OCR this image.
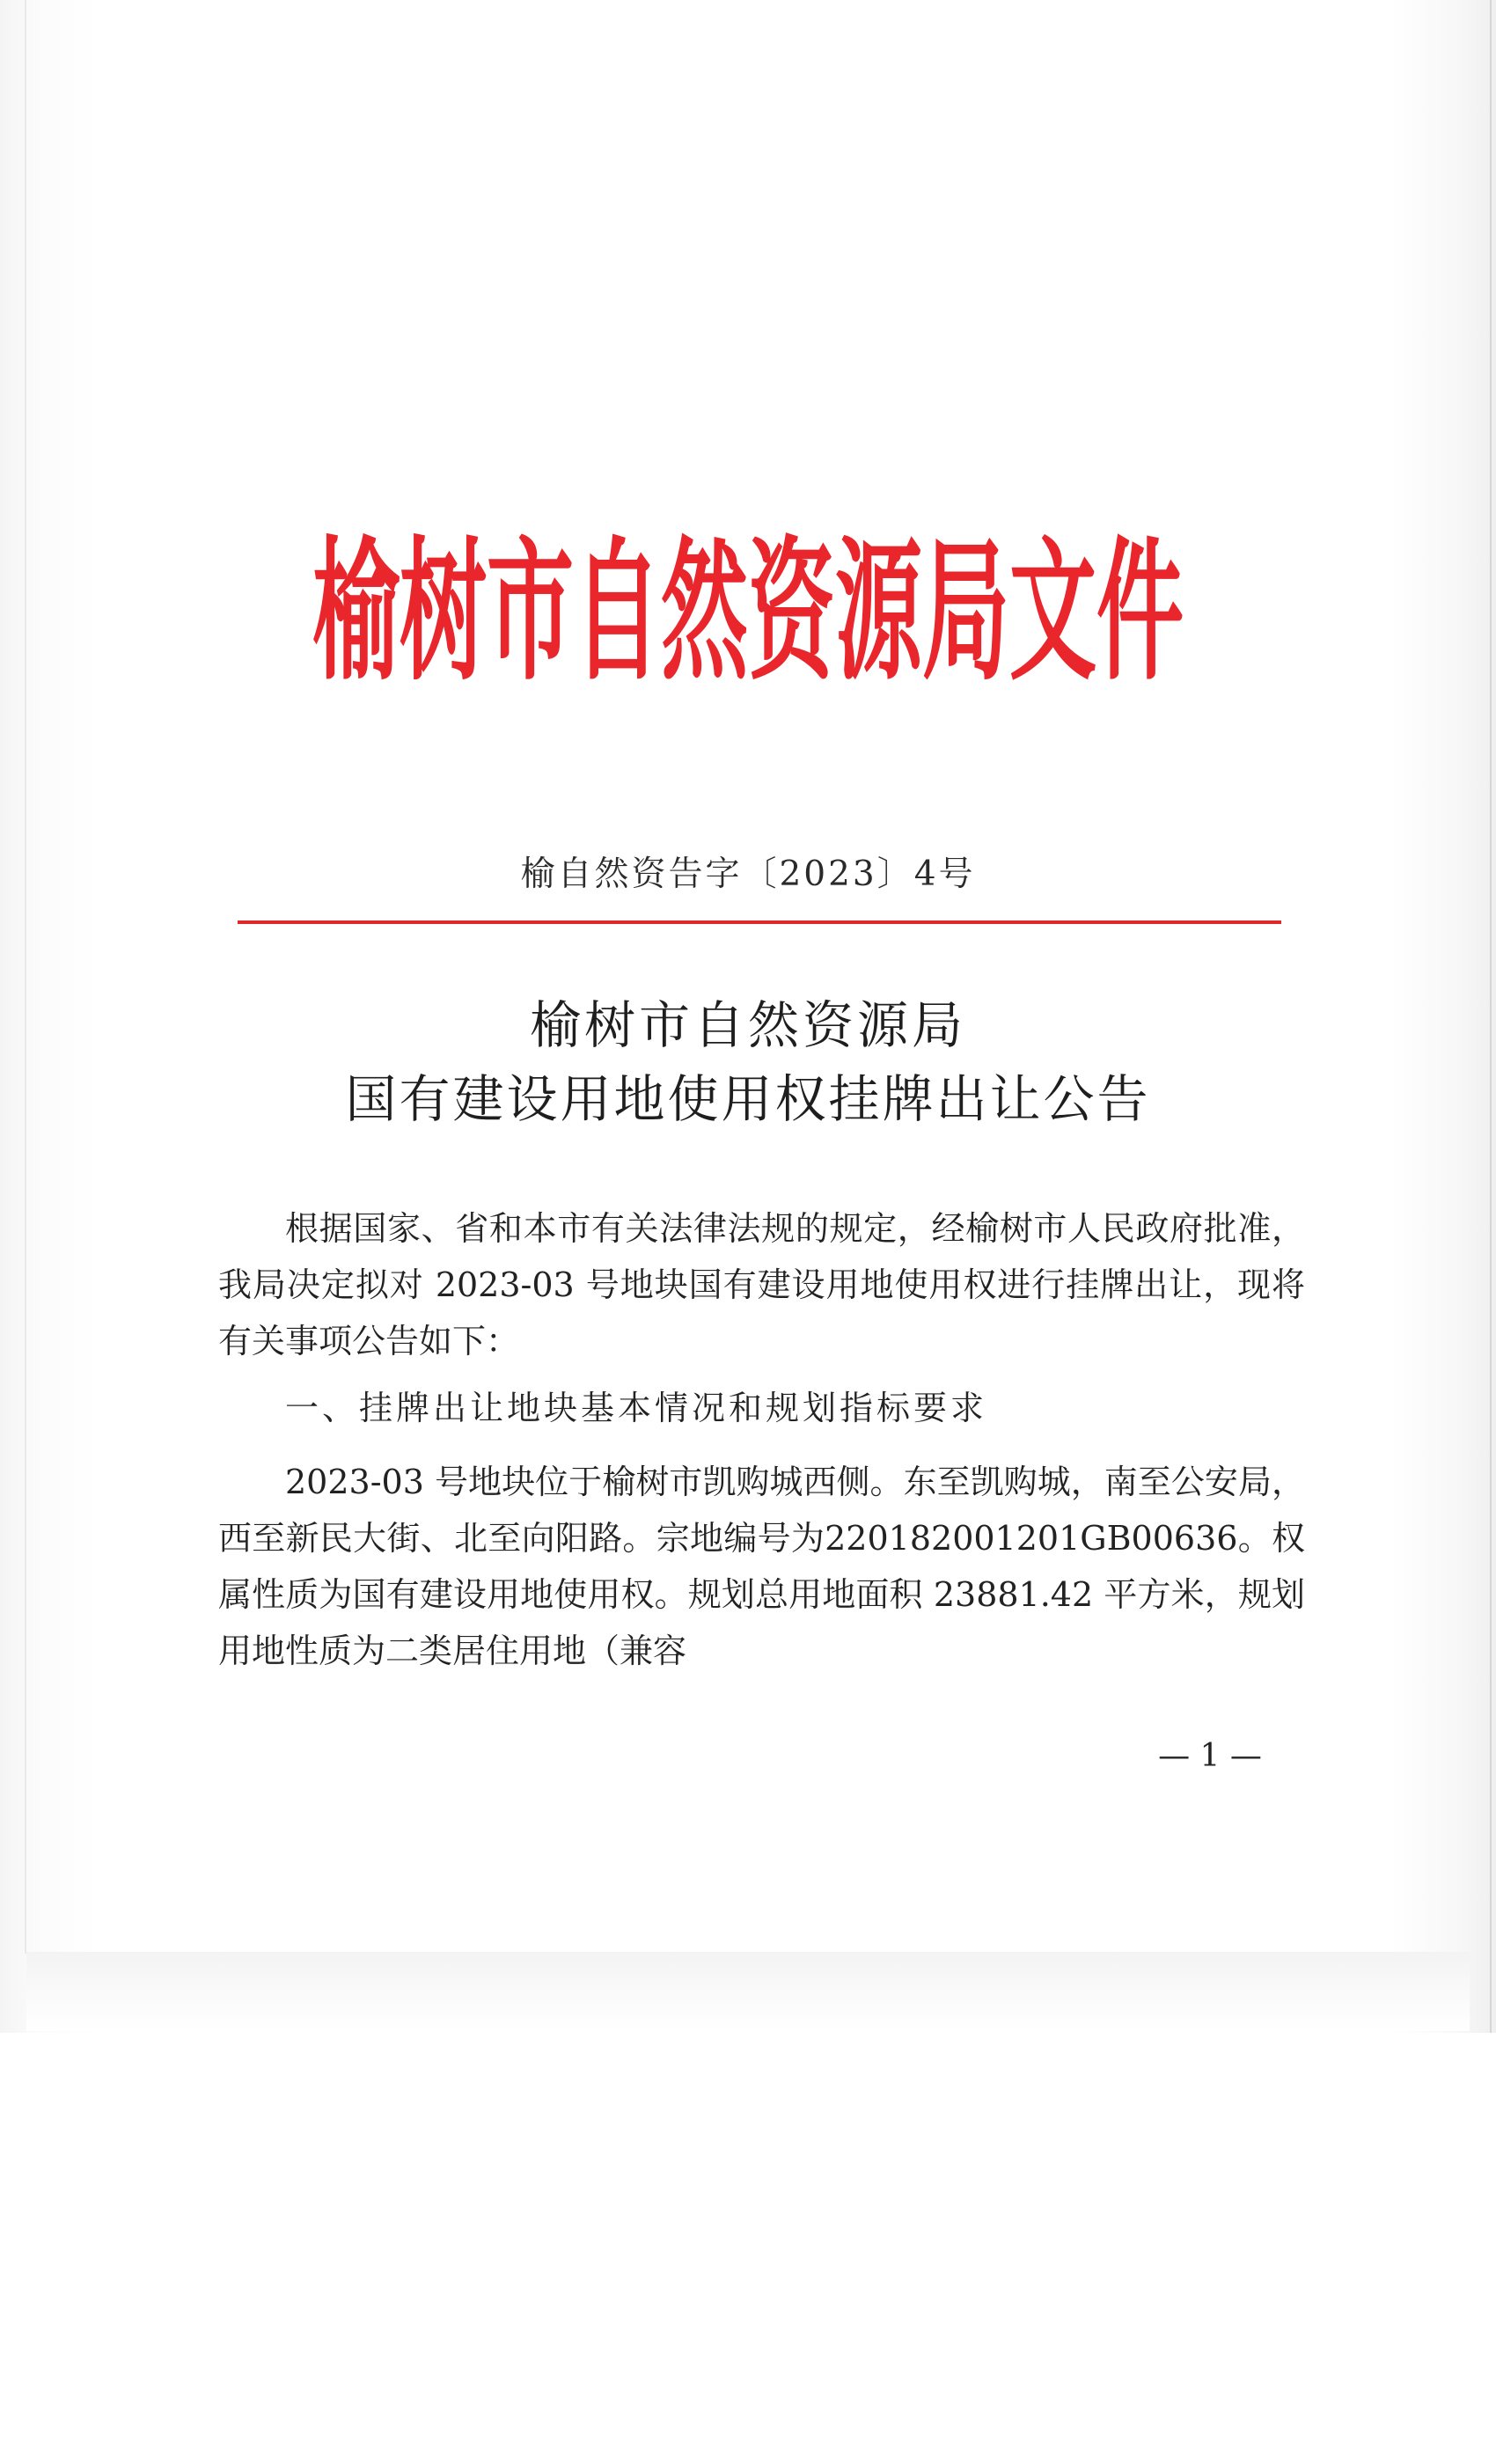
榆树市自然资源局文件
榆自然资告字〔2023〕4号
榆树市自然资源局
国有建设用地使用权挂牌出让公告

根据国家、省和本市有关法律法规的规定，经榆树市人民政府批准，我局决定拟对 2023-03 号地块国有建设用地使用权进行挂牌出让，现将有关事项公告如下：

一、挂牌出让地块基本情况和规划指标要求

2023-03 号地块位于榆树市凯购城西侧。东至凯购城，南至公安局，西至新民大街、北至向阳路。宗地编号为220182001201GB00636。权属性质为国有建设用地使用权。规划总用地面积 23881.42 平方米，规划用地性质为二类居住用地（兼容

— 1 —
